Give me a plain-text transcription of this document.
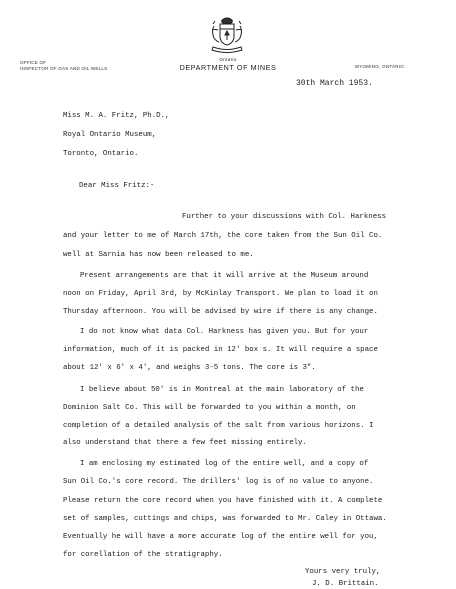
OFFICE OF
INSPECTOR OF GAS AND OIL WELLS
Ontario
DEPARTMENT OF MINES	WYOMING, ONTARIO
30th March 1953.
Miss M. A. Fritz, Ph.D.,
Royal Ontario Museum,
Toronto, Ontario.
Dear Miss Fritz:-
Further to your discussions with Col. Harkness
and your letter to me of March 17th, the core taken from the Sun Oil Co.
well at Sarnia has now been released to me.
Present arrangements are that it will arrive at the Museum around
noon on Friday, April 3rd, by McKinlay Transport. We plan to load it on
Thursday afternoon. You will be advised by wire if there is any change.
I do not know what data Col. Harkness has given you. But for your
information, much of it is packed in 12' box s. It will require a space
about 12' x 6' x 4', and weighs 3-5 tons. The core is 3".
I believe about 50' is in Montreal at the main laboratory of the
Dominion Salt Co. This will be forwarded to you within a month, on
completion of a detailed analysis of the salt from various horizons. I
also understand that there a few feet missing entirely.
I am enclosing my estimated log of the entire well, and a copy of
Sun Oil Co.'s core record. The drillers' log is of no value to anyone.
Please return the core record when you have finished with it. A complete
set of samples, cuttings and chips, was forwarded to Mr. Caley in Ottawa.
Eventually he will have a more accurate log of the entire well for you,
for corellation of the stratigraphy.
Yours very truly,
J. D. Brittain.
